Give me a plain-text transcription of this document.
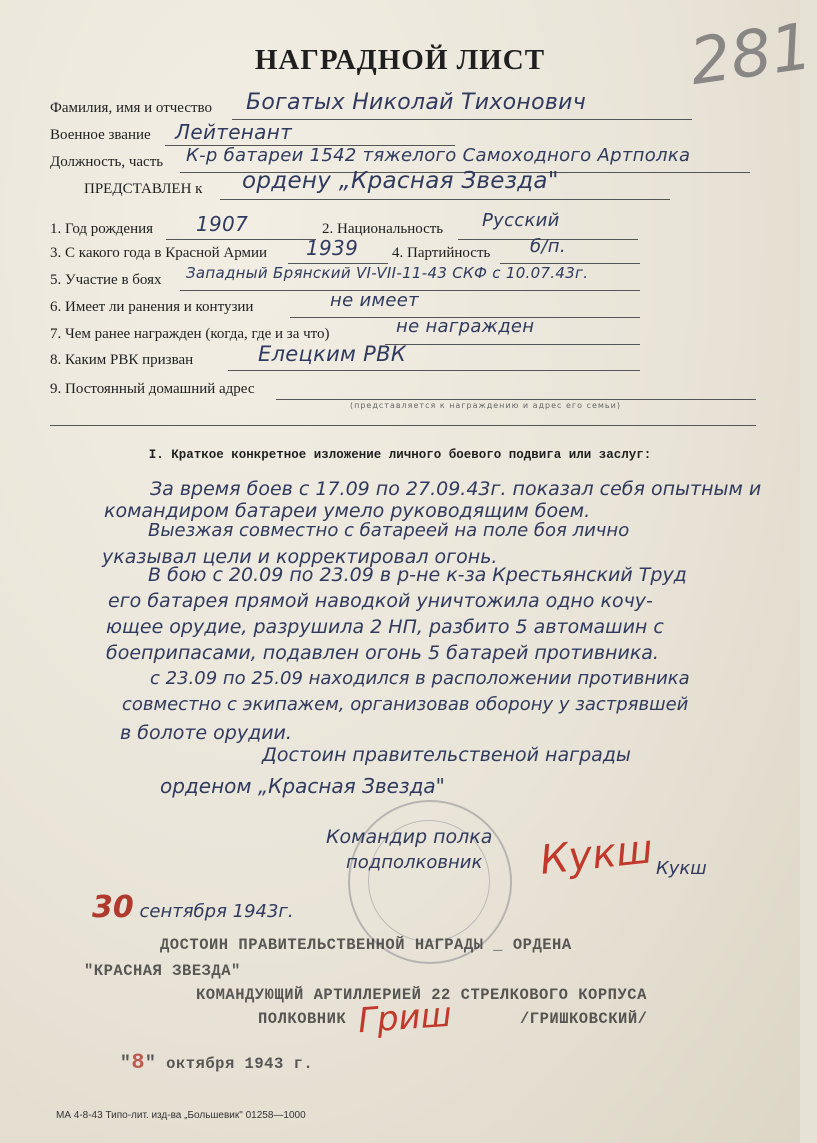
281
НАГРАДНОЙ ЛИСТ
Фамилия, имя и отчество Богатых Николай Тихонович
Военное звание Лейтенант
Должность, часть К-р батареи 1542 тяжелого Самоходного Артполка
ПРЕДСТАВЛЕН к ордену „Красная Звезда"
1. Год рождения 1907	2. Национальность Русский
3. С какого года в Красной Армии 1939 4. Партийность б/п.
5. Участие в боях Западный Брянский VI-VII-11-43 СКФ с 10.07.43г.
6. Имеет ли ранения и контузии	не имеет
7. Чем ранее награжден (когда, где и за что)	не награжден
8. Каким РВК призван	Елецким РВК
9. Постоянный домашний адрес
(представляется к награждению и адрес его семьи)
I. Краткое конкретное изложение личного боевого подвига или заслуг:
За время боев с 17.09 по 27.09.43г. показал себя опытным и
командиром батареи умело руководящим боем.
Выезжая совместно с батареей на поле боя лично
указывал цели и корректировал огонь.
В бою с 20.09 по 23.09 в р-не к-за Крестьянский Труд
его батарея прямой наводкой уничтожила одно кочу-
ющее орудие, разрушила 2 НП, разбито 5 автомашин с
боеприпасами, подавлен огонь 5 батарей противника.
с 23.09 по 25.09 находился в расположении противника
совместно с экипажем, организовав оборону у застрявшей
в болоте орудии.
Достоин правительственой награды
орденом „Красная Звезда"
Командир полка
подполковник Кукш Кукш
30 сентября 1943г.
ДОСТОИН ПРАВИТЕЛЬСТВЕННОЙ НАГРАДЫ _ ОРДЕНА
"КРАСНАЯ ЗВЕЗДА"
КОМАНДУЮЩИЙ АРТИЛЛЕРИЕЙ 22 СТРЕЛКОВОГО КОРПУСА
ПОЛКОВНИК Гриш	/ГРИШКОВСКИЙ/
"8" октября 1943 г.
МА 4-8-43 Типо-лит. изд-ва „Большевик" 01258—1000
